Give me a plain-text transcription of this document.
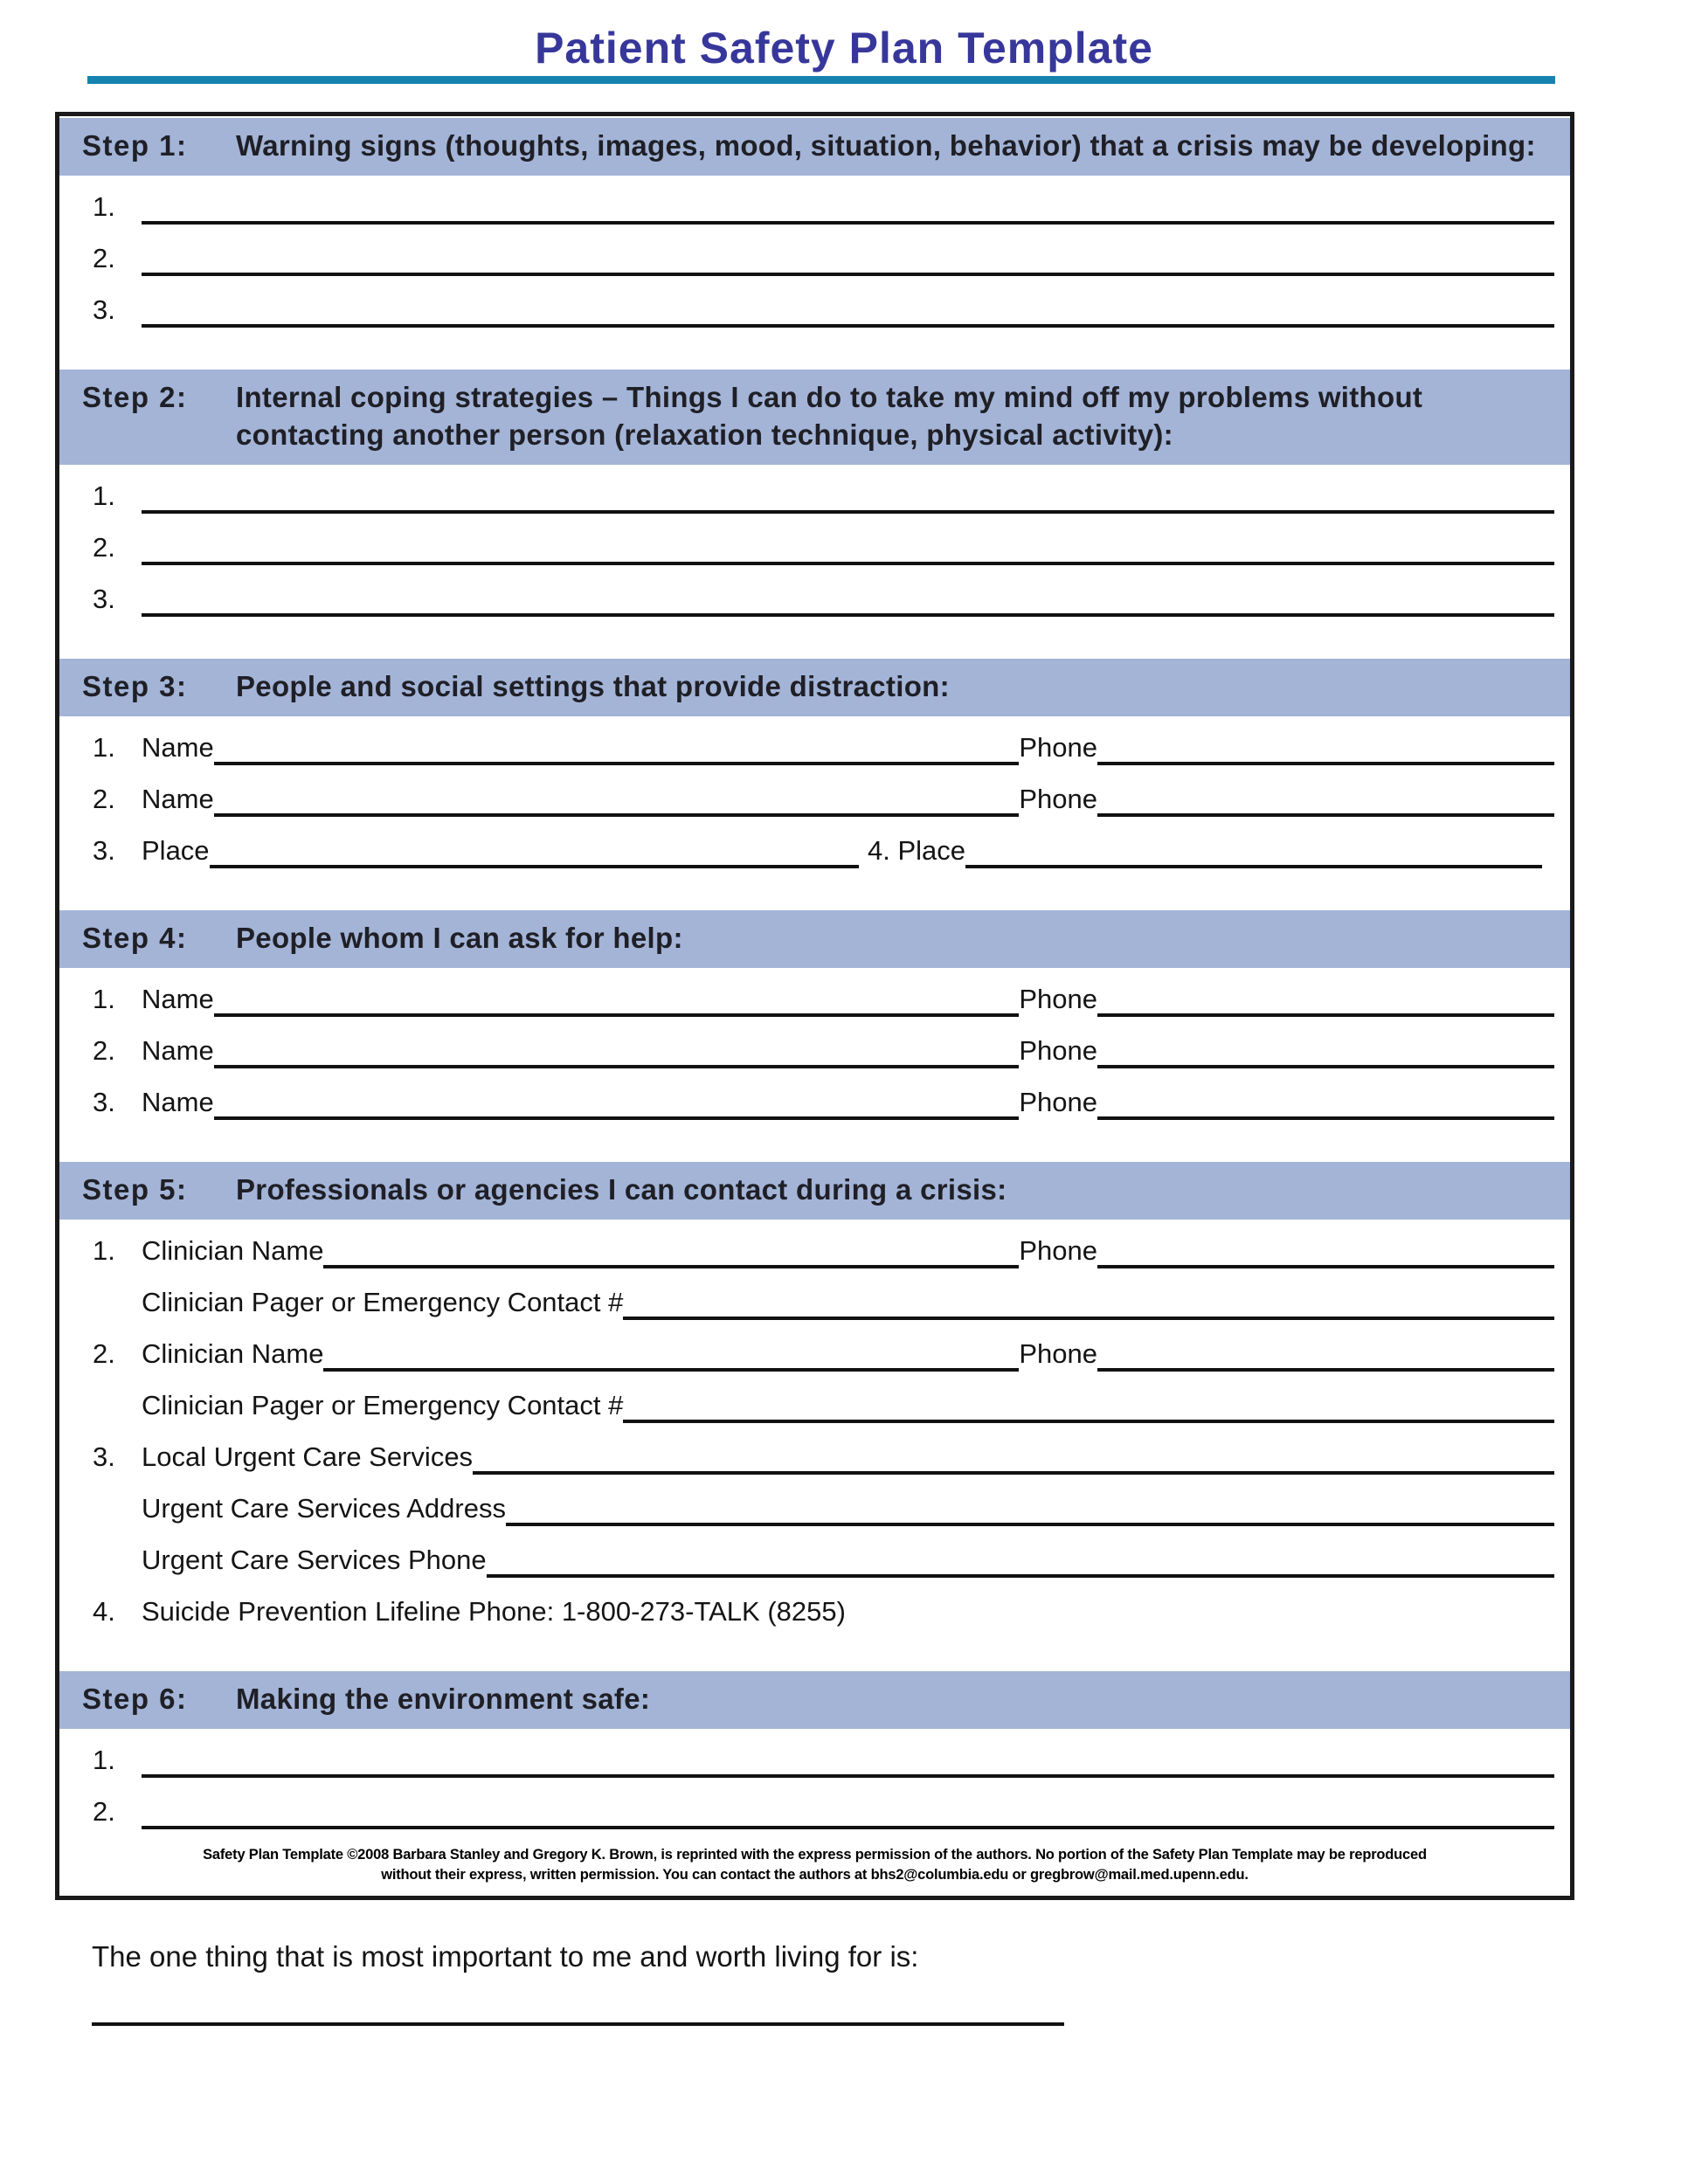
Patient Safety Plan Template
Step 1:	Warning signs (thoughts, images, mood, situation, behavior) that a crisis may be developing:
1.
2.
3.
Step 2:	Internal coping strategies – Things I can do to take my mind off my problems without contacting another person (relaxation technique, physical activity):
1.
2.
3.
Step 3:	People and social settings that provide distraction:
1. Name	Phone
2. Name	Phone
3. Place	4. Place
Step 4:	People whom I can ask for help:
1. Name	Phone
2. Name	Phone
3. Name	Phone
Step 5:	Professionals or agencies I can contact during a crisis:
1. Clinician Name	Phone
Clinician Pager or Emergency Contact #
2. Clinician Name	Phone
Clinician Pager or Emergency Contact #
3. Local Urgent Care Services
Urgent Care Services Address
Urgent Care Services Phone
4. Suicide Prevention Lifeline Phone: 1-800-273-TALK (8255)
Step 6:	Making the environment safe:
1.
2.
Safety Plan Template ©2008 Barbara Stanley and Gregory K. Brown, is reprinted with the express permission of the authors. No portion of the Safety Plan Template may be reproduced
without their express, written permission. You can contact the authors at bhs2@columbia.edu or gregbrow@mail.med.upenn.edu.
The one thing that is most important to me and worth living for is:
